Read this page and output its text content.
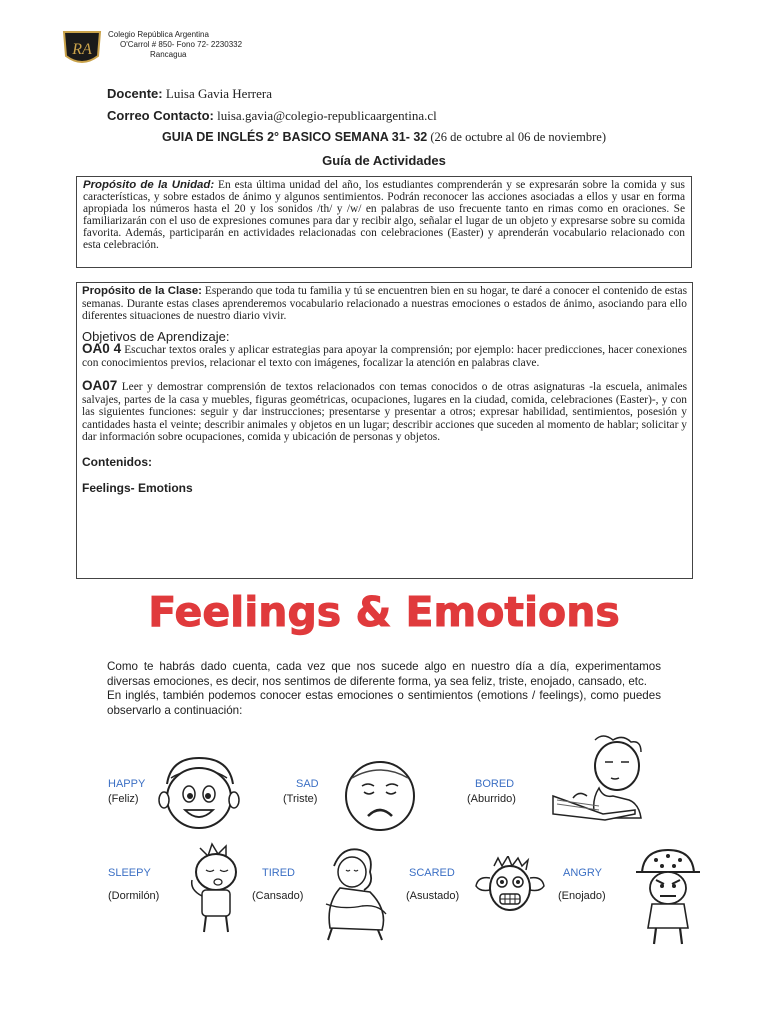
RA
Colegio República Argentina
O'Carrol # 850- Fono 72- 2230332
Rancagua
Docente: Luisa Gavia Herrera
Correo Contacto: luisa.gavia@colegio-republicaargentina.cl
GUIA DE INGLÉS 2° BASICO SEMANA 31- 32 (26 de octubre al 06 de noviembre)
Guía de Actividades
Propósito de la Unidad: En esta última unidad del año, los estudiantes comprenderán y se expresarán sobre la comida y sus características, y sobre estados de ánimo y algunos sentimientos. Podrán reconocer las acciones asociadas a ellos y usar en forma apropiada los números hasta el 20 y los sonidos /th/ y /w/ en palabras de uso frecuente tanto en rimas como en oraciones. Se familiarizarán con el uso de expresiones comunes para dar y recibir algo, señalar el lugar de un objeto y expresarse sobre su comida favorita. Además, participarán en actividades relacionadas con celebraciones (Easter) y aprenderán vocabulario relacionado con esta celebración.

Propósito de la Clase: Esperando que toda tu familia y tú se encuentren bien en su hogar, te daré a conocer el contenido de estas semanas. Durante estas clases aprenderemos vocabulario relacionado a nuestras emociones o estados de ánimo, asociando para ello diferentes situaciones de nuestro diario vivir.

Objetivos de Aprendizaje:

OA0 4 Escuchar textos orales y aplicar estrategias para apoyar la comprensión; por ejemplo: hacer predicciones, hacer conexiones con conocimientos previos, relacionar el texto con imágenes, focalizar la atención en palabras clave.

OA07 Leer y demostrar comprensión de textos relacionados con temas conocidos o de otras asignaturas -la escuela, animales salvajes, partes de la casa y muebles, figuras geométricas, ocupaciones, lugares en la ciudad, comida, celebraciones (Easter)-, y con las siguientes funciones: seguir y dar instrucciones; presentarse y presentar a otros; expresar habilidad, sentimientos, posesión y cantidades hasta el veinte; describir animales y objetos en un lugar; describir acciones que suceden al momento de hablar; solicitar y dar información sobre ocupaciones, comida y ubicación de personas y objetos.

Contenidos:
Feelings- Emotions
Feelings & Emotions

Como te habrás dado cuenta, cada vez que nos sucede algo en nuestro día a día, experimentamos diversas emociones, es decir, nos sentimos de diferente forma, ya sea feliz, triste, enojado, cansado, etc.

En inglés, también podemos conocer estas emociones o sentimientos (emotions / feelings), como puedes observarlo a continuación:

HAPPY
(Feliz)
SAD
(Triste)
BORED
(Aburrido)
SLEEPY
(Dormilón)
TIRED
(Cansado)
SCARED
(Asustado)
ANGRY
(Enojado)
